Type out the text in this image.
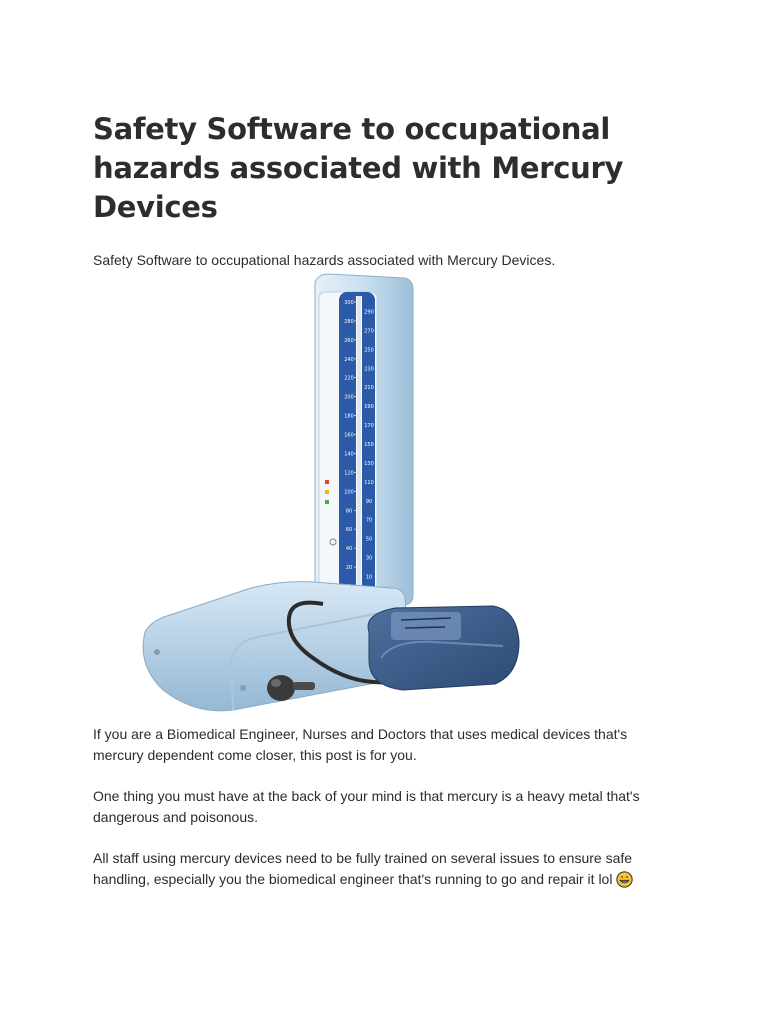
Safety Software to occupational hazards associated with Mercury Devices

Safety Software to occupational hazards associated with Mercury Devices.

300
280
260
240
220
200
180
160
140
120
100
80
60
40
20
290
270
250
230
210
190
170
150
130
110
90
70
50
30
10

If you are a Biomedical Engineer, Nurses and Doctors that uses medical devices that's mercury dependent come closer, this post is for you.

One thing you must have at the back of your mind is that mercury is a heavy metal that's dangerous and poisonous.

All staff using mercury devices need to be fully trained on several issues to ensure safe handling, especially you the biomedical engineer that's running to go and repair it lol
